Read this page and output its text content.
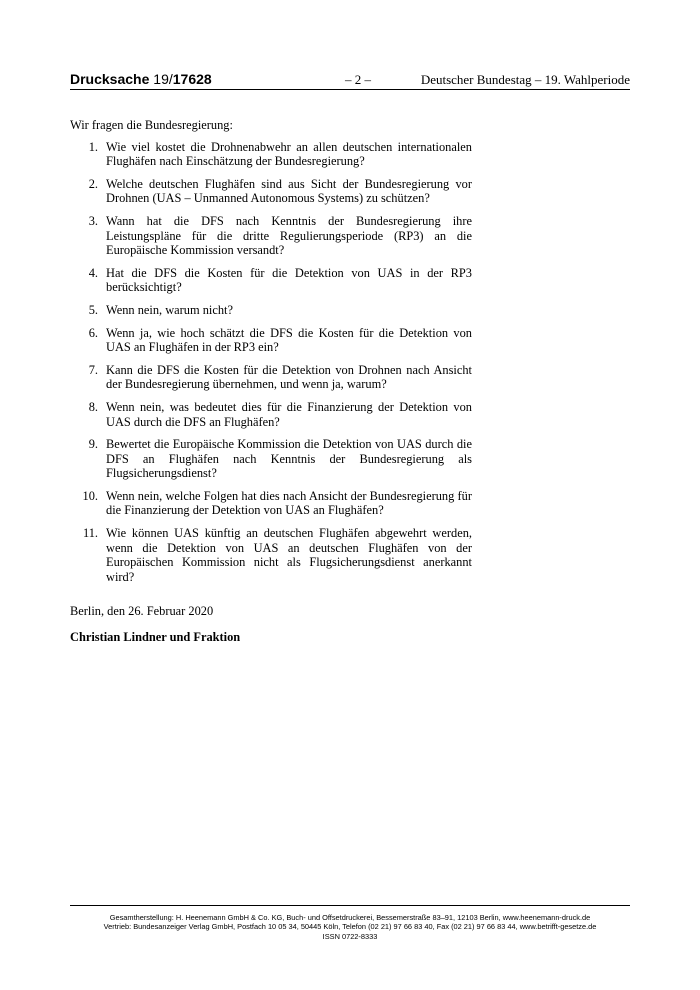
Drucksache 19/17628	– 2 –	Deutscher Bundestag – 19. Wahlperiode

Wir fragen die Bundesregierung:

1. Wie viel kostet die Drohnenabwehr an allen deutschen internationalen Flughäfen nach Einschätzung der Bundesregierung?
2. Welche deutschen Flughäfen sind aus Sicht der Bundesregierung vor Drohnen (UAS – Unmanned Autonomous Systems) zu schützen?
3. Wann hat die DFS nach Kenntnis der Bundesregierung ihre Leistungspläne für die dritte Regulierungsperiode (RP3) an die Europäische Kommission versandt?
4. Hat die DFS die Kosten für die Detektion von UAS in der RP3 berücksichtigt?
5. Wenn nein, warum nicht?
6. Wenn ja, wie hoch schätzt die DFS die Kosten für die Detektion von UAS an Flughäfen in der RP3 ein?
7. Kann die DFS die Kosten für die Detektion von Drohnen nach Ansicht der Bundesregierung übernehmen, und wenn ja, warum?
8. Wenn nein, was bedeutet dies für die Finanzierung der Detektion von UAS durch die DFS an Flughäfen?
9. Bewertet die Europäische Kommission die Detektion von UAS durch die DFS an Flughäfen nach Kenntnis der Bundesregierung als Flugsicherungsdienst?
10. Wenn nein, welche Folgen hat dies nach Ansicht der Bundesregierung für die Finanzierung der Detektion von UAS an Flughäfen?
11. Wie können UAS künftig an deutschen Flughäfen abgewehrt werden, wenn die Detektion von UAS an deutschen Flughäfen von der Europäischen Kommission nicht als Flugsicherungsdienst anerkannt wird?

Berlin, den 26. Februar 2020

Christian Lindner und Fraktion

Gesamtherstellung: H. Heenemann GmbH & Co. KG, Buch- und Offsetdruckerei, Bessemerstraße 83–91, 12103 Berlin, www.heenemann-druck.de
Vertrieb: Bundesanzeiger Verlag GmbH, Postfach 10 05 34, 50445 Köln, Telefon (02 21) 97 66 83 40, Fax (02 21) 97 66 83 44, www.betrifft-gesetze.de
ISSN 0722-8333
